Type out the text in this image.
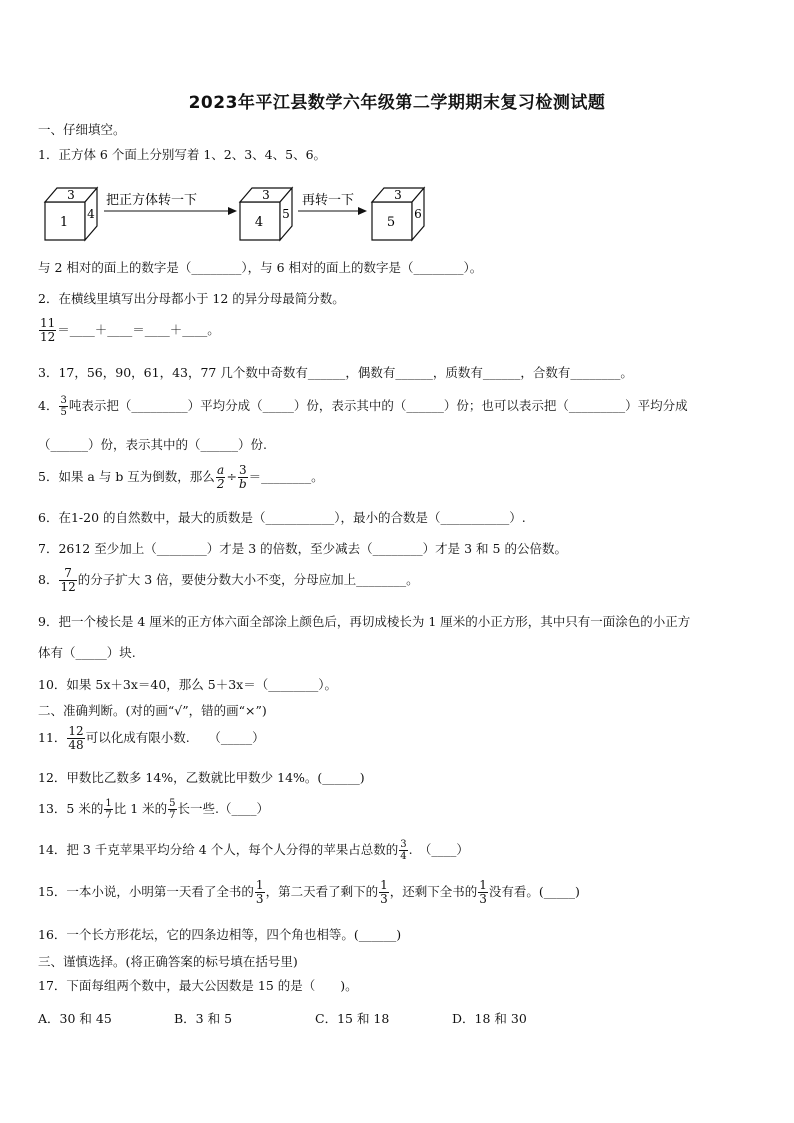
2023年平江县数学六年级第二学期期末复习检测试题
一、仔细填空。
1．正方体 6 个面上分别写着 1、2、3、4、5、6。
3
1
4
把正方体转一下	3
4
5
再转一下	3
5
6
与 2 相对的面上的数字是（________），与 6 相对的面上的数字是（________）。
2．在横线里填写出分母都小于 12 的异分母最简分数。
$\frac{11}{12}$ ＝____＋____＝____＋____。
3．17，56，90，61，43，77 几个数中奇数有______，偶数有______，质数有______，合数有________。
4． $\frac{3}{5}$ 吨表示把（_________）平均分成（_____）份，表示其中的（______）份；也可以表示把（_________）平均分成
（______）份，表示其中的（______）份.
5．如果 a 与 b 互为倒数，那么 $\frac{a}{2} \div \frac{3}{b}$ ＝________。
6．在1-20 的自然数中，最大的质数是（___________），最小的合数是（___________）.
7．2612 至少加上（________）才是 3 的倍数，至少减去（________）才是 3 和 5 的公倍数。
8． $\frac{7}{12}$ 的分子扩大 3 倍，要使分数大小不变，分母应加上________。
9．把一个棱长是 4 厘米的正方体六面全部涂上颜色后，再切成棱长为 1 厘米的小正方形，其中只有一面涂色的小正方
体有（_____）块.
10．如果 5x＋3x＝40，那么 5＋3x＝（________）。
二、准确判断。(对的画“√”，错的画“×”)
11． $\frac{12}{48}$ 可以化成有限小数.　　（_____）
12．甲数比乙数多 14%，乙数就比甲数少 14%。(______)
13．5 米的 $\frac{1}{7}$ 比 1 米的 $\frac{5}{7}$ 长一些.（____）
14．把 3 千克苹果平均分给 4 个人，每个人分得的苹果占总数的 $\frac{3}{4}$ .　（____）
15．一本小说，小明第一天看了全书的 $\frac{1}{3}$ ，第二天看了剩下的 $\frac{1}{3}$ ，还剩下全书的 $\frac{1}{3}$ 没有看。(_____)
16．一个长方形花坛，它的四条边相等，四个角也相等。(______)
三、谨慎选择。(将正确答案的标号填在括号里)
17．下面每组两个数中，最大公因数是 15 的是（　　)。
A．30 和 45	B．3 和 5	C．15 和 18	D．18 和 30
